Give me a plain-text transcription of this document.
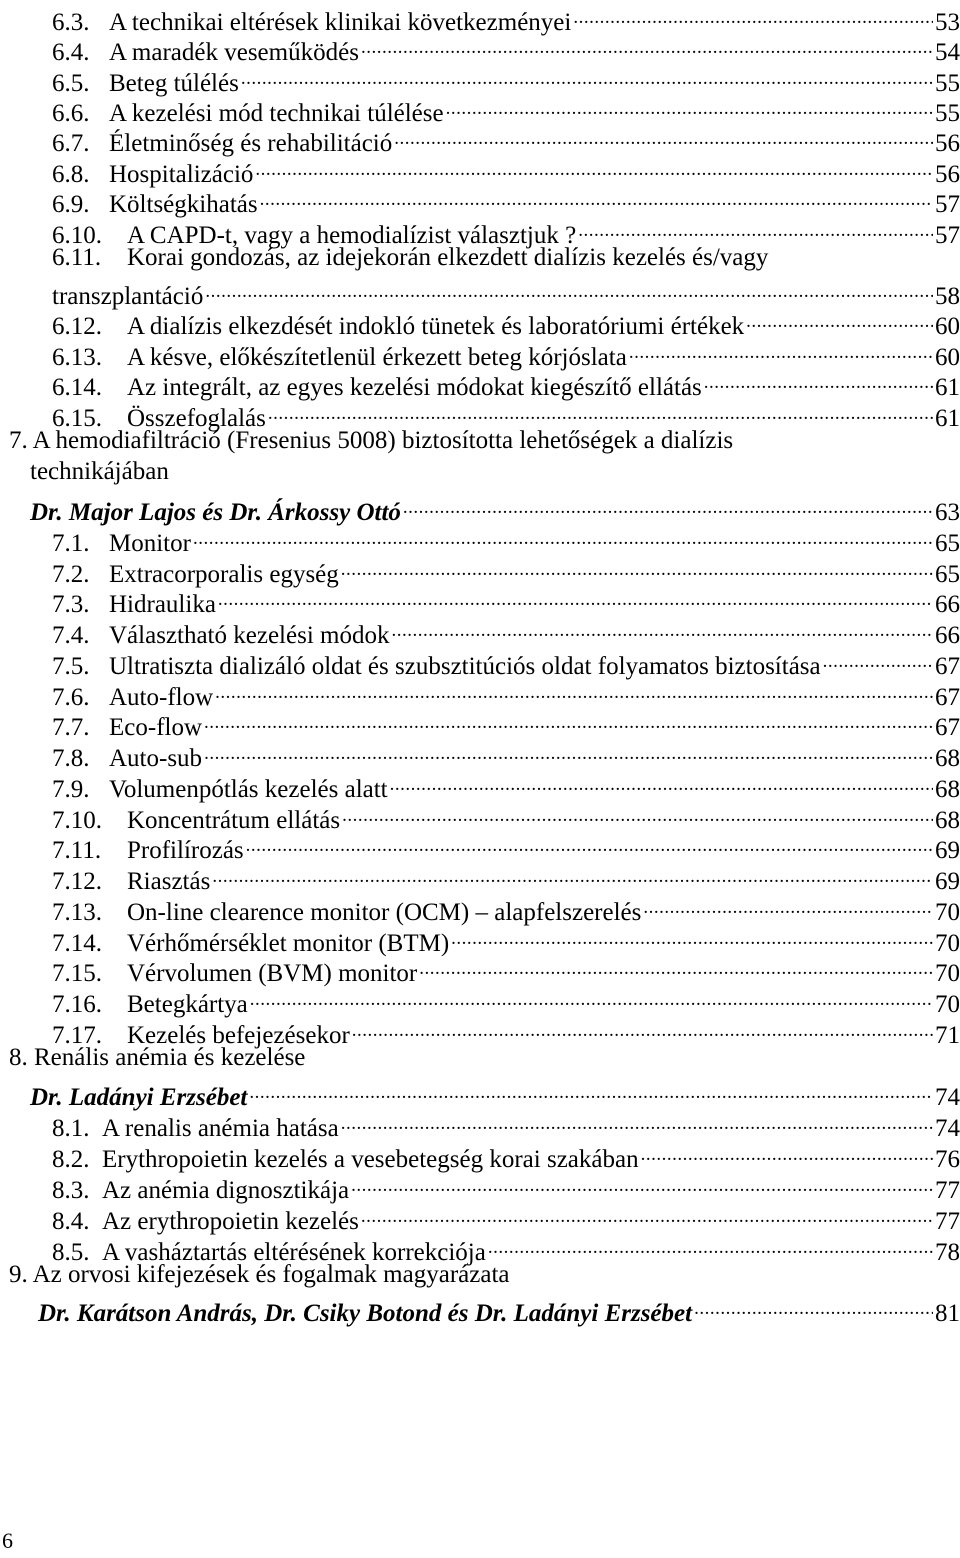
6.3. A technikai eltérések klinikai következményei .....	53
6.4. A maradék veseműködés .....	54
6.5. Beteg túlélés .....	55
6.6. A kezelési mód technikai túlélése .....	55
6.7. Életminőség és rehabilitáció .....	56
6.8. Hospitalizáció .....	56
6.9. Költségkihatás .....	57
6.10.	A CAPD-t, vagy a hemodialízist választjuk ? .....	57
6.11. Korai gondozás, az idejekorán elkezdett dialízis kezelés és/vagy
transzplantáció .....	58
6.12.	A dialízis elkezdését indokló tünetek és laboratóriumi értékek .....	60
6.13.	A késve, előkészítetlenül érkezett beteg kórjóslata .....	60
6.14.	Az integrált, az egyes kezelési módokat kiegészítő ellátás .....	61
6.15.	Összefoglalás .....	61
7. A hemodiafiltráció (Fresenius 5008) biztosította lehetőségek a dialízis
technikájában
Dr. Major Lajos és Dr. Árkossy Ottó .....	63
7.1. Monitor .....	65
7.2. Extracorporalis egység .....	65
7.3. Hidraulika .....	66
7.4. Választható kezelési módok .....	66
7.5. Ultratiszta dializáló oldat és szubsztitúciós oldat folyamatos biztosítása .....	67
7.6. Auto-flow .....	67
7.7. Eco-flow .....	67
7.8. Auto-sub .....	68
7.9. Volumenpótlás kezelés alatt .....	68
7.10.	Koncentrátum ellátás .....	68
7.11.	Profilírozás .....	69
7.12.	Riasztás .....	69
7.13.	On-line clearence monitor (OCM) – alapfelszerelés .....	70
7.14.	Vérhőmérséklet monitor (BTM) .....	70
7.15.	Vérvolumen (BVM) monitor .....	70
7.16.	Betegkártya .....	70
7.17.	Kezelés befejezésekor .....	71
8. Renális anémia és kezelése
Dr. Ladányi Erzsébet .....	74
8.1. A renalis anémia hatása .....	74
8.2. Erythropoietin kezelés a vesebetegség korai szakában .....	76
8.3. Az anémia dignosztikája .....	77
8.4. Az erythropoietin kezelés .....	77
8.5. A vasháztartás eltérésének korrekciója .....	78
9. Az orvosi kifejezések és fogalmak magyarázata
Dr. Karátson András, Dr. Csiky Botond és Dr. Ladányi Erzsébet .....	81
6
